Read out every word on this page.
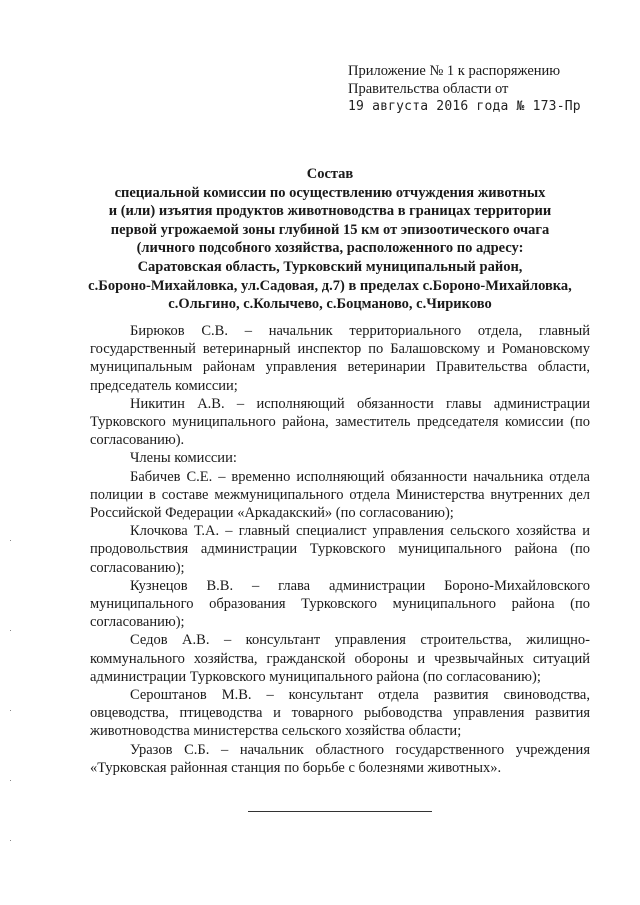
Приложение № 1 к распоряжению
Правительства области от
19 августа 2016 года № 173-Пр
Состав
специальной комиссии по осуществлению отчуждения животных
и (или) изъятия продуктов животноводства в границах территории
первой угрожаемой зоны глубиной 15 км от эпизоотического очага
(личного подсобного хозяйства, расположенного по адресу:
Саратовская область, Турковский муниципальный район,
с.Бороно-Михайловка, ул.Садовая, д.7) в пределах с.Бороно-Михайловка,
с.Ольгино, с.Колычево, с.Боцманово, с.Чириково

Бирюков С.В. – начальник территориального отдела, главный государственный ветеринарный инспектор по Балашовскому и Романовскому муниципальным районам управления ветеринарии Правительства области, председатель комиссии;

Никитин А.В. – исполняющий обязанности главы администрации Турковского муниципального района, заместитель председателя комиссии (по согласованию).

Члены комиссии:

Бабичев С.Е. – временно исполняющий обязанности начальника отдела полиции в составе межмуниципального отдела Министерства внутренних дел Российской Федерации «Аркадакский» (по согласованию);

Клочкова Т.А. – главный специалист управления сельского хозяйства и продовольствия администрации Турковского муниципального района (по согласованию);

Кузнецов В.В. – глава администрации Бороно-Михайловского муниципального образования Турковского муниципального района (по согласованию);

Седов А.В. – консультант управления строительства, жилищно-коммунального хозяйства, гражданской обороны и чрезвычайных ситуаций администрации Турковского муниципального района (по согласованию);

Серoштанов М.В. – консультант отдела развития свиноводства, овцеводства, птицеводства и товарного рыбоводства управления развития животноводства министерства сельского хозяйства области;

Уразов С.Б. – начальник областного государственного учреждения «Турковская районная станция по борьбе с болезнями животных».
